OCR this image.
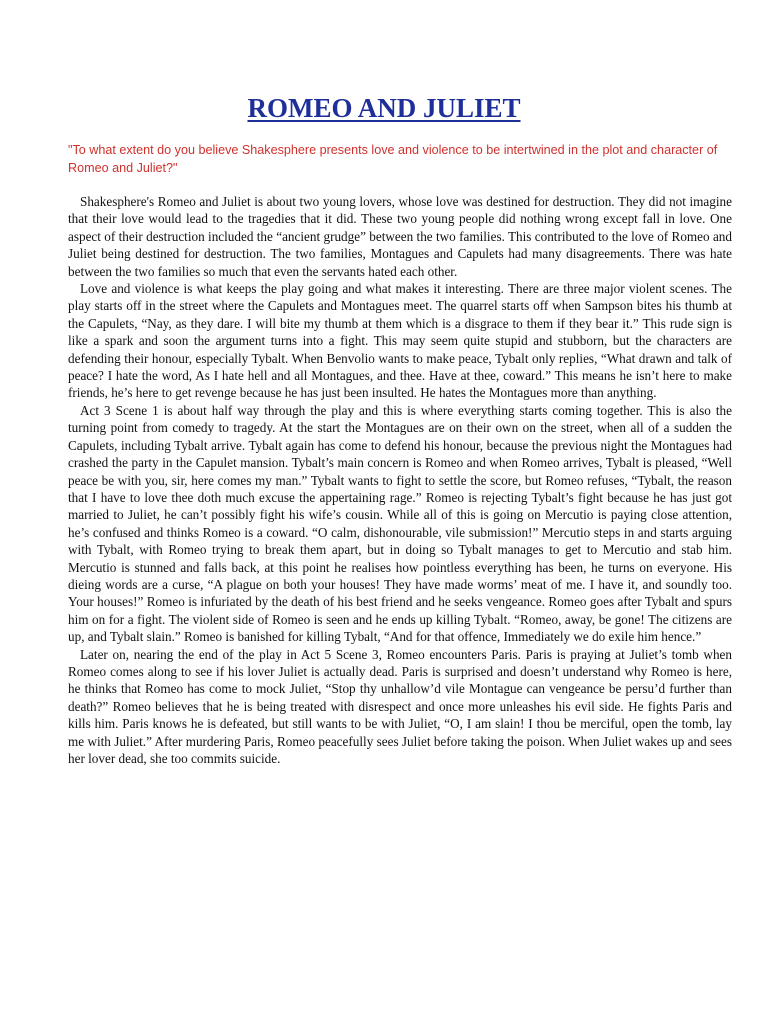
ROMEO AND JULIET

"To what extent do you believe Shakesphere presents love and violence to be intertwined in the plot and character of Romeo and Juliet?"

Shakesphere's Romeo and Juliet is about two young lovers, whose love was destined for destruction. They did not imagine that their love would lead to the tragedies that it did. These two young people did nothing wrong except fall in love. One aspect of their destruction included the “ancient grudge” between the two families. This contributed to the love of Romeo and Juliet being destined for destruction. The two families, Montagues and Capulets had many disagreements. There was hate between the two families so much that even the servants hated each other.

Love and violence is what keeps the play going and what makes it interesting. There are three major violent scenes. The play starts off in the street where the Capulets and Montagues meet. The quarrel starts off when Sampson bites his thumb at the Capulets, “Nay, as they dare. I will bite my thumb at them which is a disgrace to them if they bear it.” This rude sign is like a spark and soon the argument turns into a fight. This may seem quite stupid and stubborn, but the characters are defending their honour, especially Tybalt. When Benvolio wants to make peace, Tybalt only replies, “What drawn and talk of peace? I hate the word, As I hate hell and all Montagues, and thee. Have at thee, coward.” This means he isn’t here to make friends, he’s here to get revenge because he has just been insulted. He hates the Montagues more than anything.

Act 3 Scene 1 is about half way through the play and this is where everything starts coming together. This is also the turning point from comedy to tragedy. At the start the Montagues are on their own on the street, when all of a sudden the Capulets, including Tybalt arrive. Tybalt again has come to defend his honour, because the previous night the Montagues had crashed the party in the Capulet mansion. Tybalt’s main concern is Romeo and when Romeo arrives, Tybalt is pleased, “Well peace be with you, sir, here comes my man.” Tybalt wants to fight to settle the score, but Romeo refuses, “Tybalt, the reason that I have to love thee doth much excuse the appertaining rage.” Romeo is rejecting Tybalt’s fight because he has just got married to Juliet, he can’t possibly fight his wife’s cousin. While all of this is going on Mercutio is paying close attention, he’s confused and thinks Romeo is a coward. “O calm, dishonourable, vile submission!” Mercutio steps in and starts arguing with Tybalt, with Romeo trying to break them apart, but in doing so Tybalt manages to get to Mercutio and stab him. Mercutio is stunned and falls back, at this point he realises how pointless everything has been, he turns on everyone. His dieing words are a curse, “A plague on both your houses! They have made worms’ meat of me. I have it, and soundly too. Your houses!” Romeo is infuriated by the death of his best friend and he seeks vengeance. Romeo goes after Tybalt and spurs him on for a fight. The violent side of Romeo is seen and he ends up killing Tybalt. “Romeo, away, be gone! The citizens are up, and Tybalt slain.” Romeo is banished for killing Tybalt, “And for that offence, Immediately we do exile him hence.”

Later on, nearing the end of the play in Act 5 Scene 3, Romeo encounters Paris. Paris is praying at Juliet’s tomb when Romeo comes along to see if his lover Juliet is actually dead. Paris is surprised and doesn’t understand why Romeo is here, he thinks that Romeo has come to mock Juliet, “Stop thy unhallow’d vile Montague can vengeance be persu’d further than death?” Romeo believes that he is being treated with disrespect and once more unleashes his evil side. He fights Paris and kills him. Paris knows he is defeated, but still wants to be with Juliet, “O, I am slain! I thou be merciful, open the tomb, lay me with Juliet.” After murdering Paris, Romeo peacefully sees Juliet before taking the poison. When Juliet wakes up and sees her lover dead, she too commits suicide.
